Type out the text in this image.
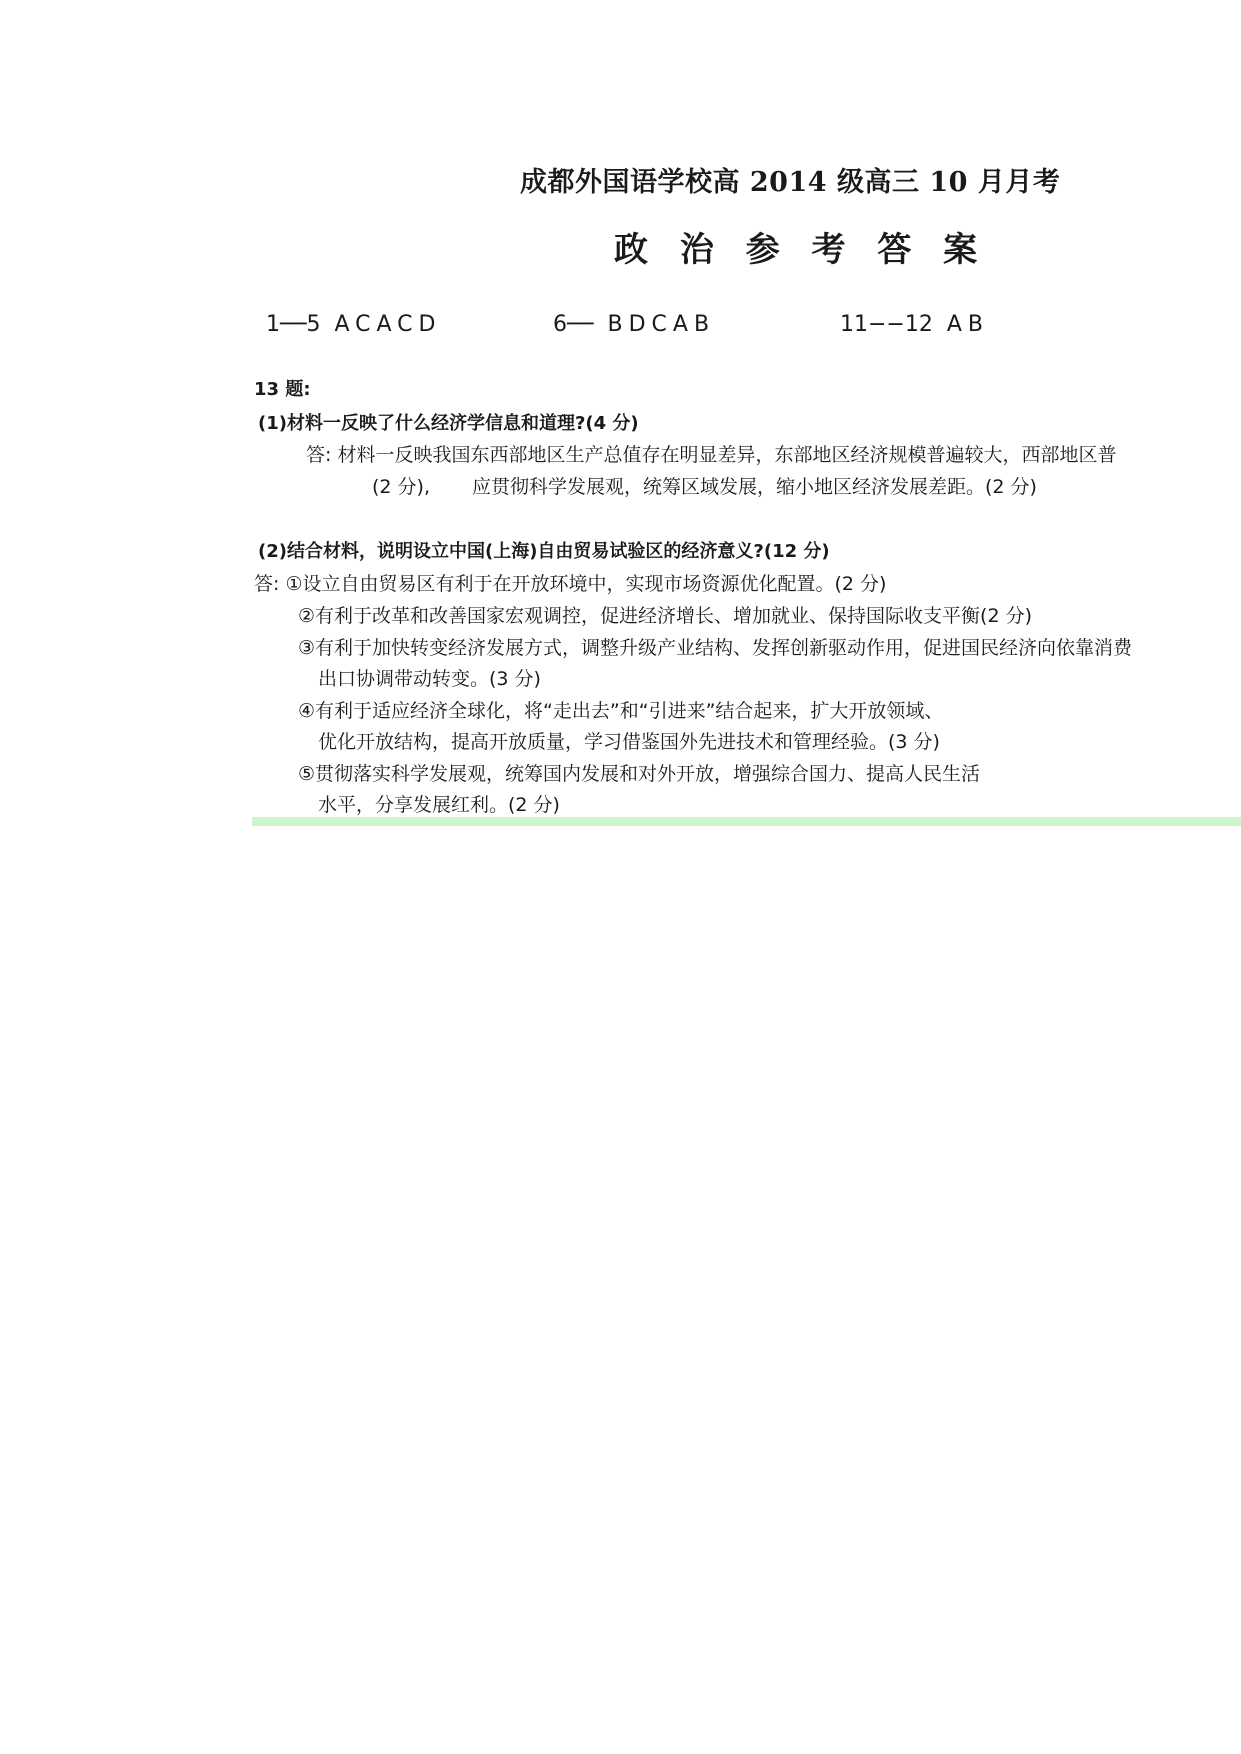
成都外国语学校高 2014 级高三 10 月月考
政 治 参 考 答 案
1──5 ACACD	6── BDCAB	11−−12 AB
13 题:
(1)材料一反映了什么经济学信息和道理?(4 分)
答: 材料一反映我国东西部地区生产总值存在明显差异，东部地区经济规模普遍较大，西部地区普
(2 分), 应贯彻科学发展观，统筹区域发展，缩小地区经济发展差距。(2 分)
(2)结合材料，说明设立中国(上海)自由贸易试验区的经济意义?(12 分)
答: ①设立自由贸易区有利于在开放环境中，实现市场资源优化配置。(2 分)
②有利于改革和改善国家宏观调控，促进经济增长、增加就业、保持国际收支平衡(2 分)
③有利于加快转变经济发展方式，调整升级产业结构、发挥创新驱动作用，促进国民经济向依靠消费
出口协调带动转变。(3 分)
④有利于适应经济全球化，将“走出去”和“引进来”结合起来，扩大开放领域、
优化开放结构，提高开放质量，学习借鉴国外先进技术和管理经验。(3 分)
⑤贯彻落实科学发展观，统筹国内发展和对外开放，增强综合国力、提高人民生活
水平，分享发展红利。(2 分)
